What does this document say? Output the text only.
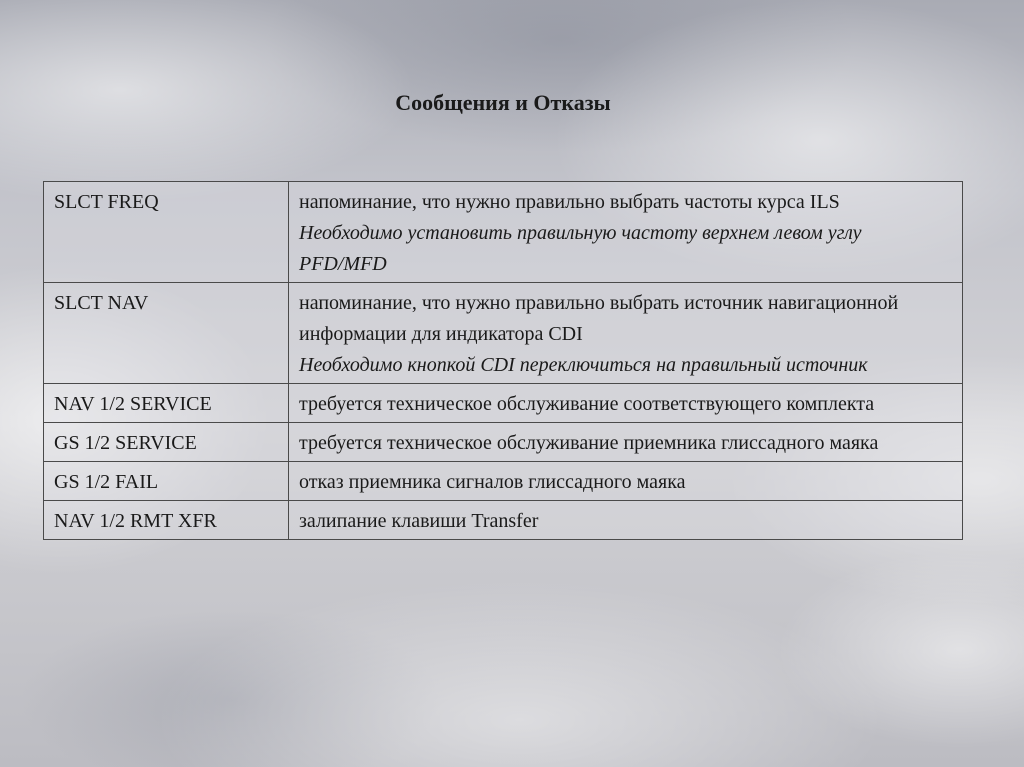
Сообщения и Отказы
SLCT FREQ	напоминание, что нужно правильно выбрать частоты курса ILS
Необходимо установить правильную частоту верхнем левом углу PFD/MFD

SLCT NAV	напоминание, что нужно правильно выбрать источник навигационной информации для индикатора CDI
Необходимо кнопкой CDI переключиться на правильный источник

NAV 1/2 SERVICE	требуется техническое обслуживание соответствующего комплекта

GS 1/2 SERVICE	требуется техническое обслуживание приемника глиссадного маяка

GS 1/2 FAIL	отказ приемника сигналов глиссадного маяка

NAV 1/2 RMT XFR	залипание клавиши Transfer
